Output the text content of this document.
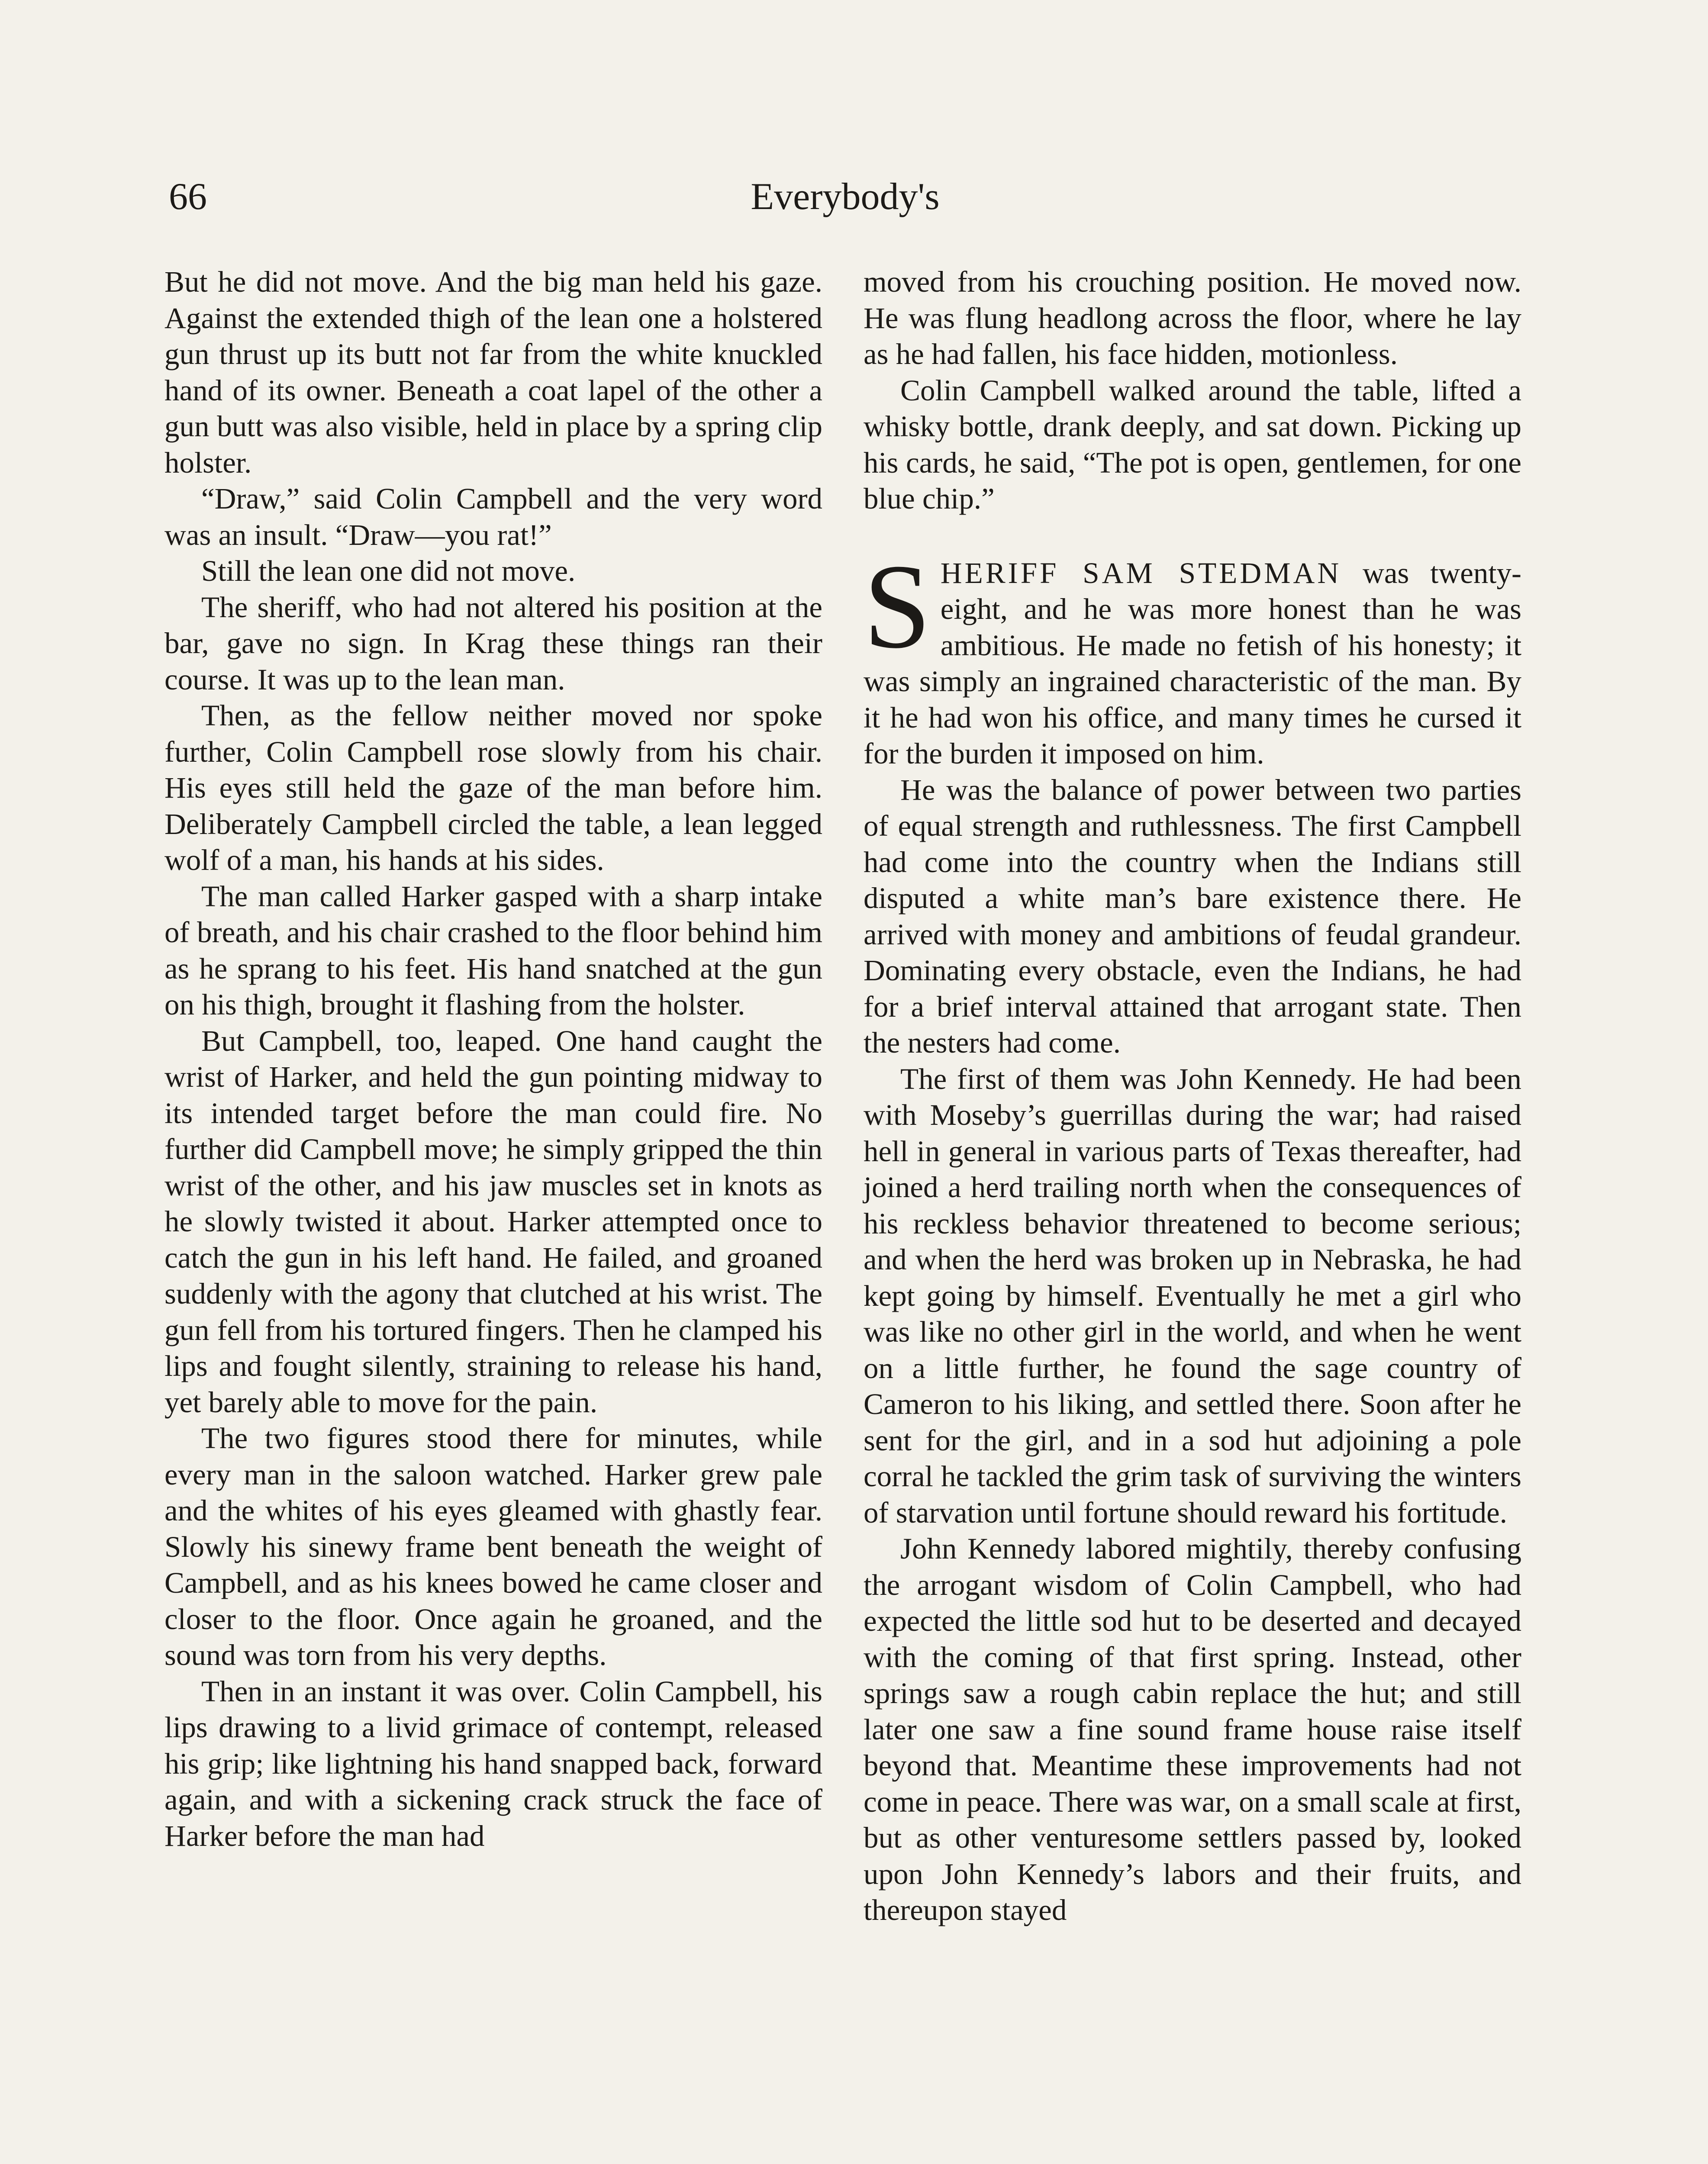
66	Everybody's

But he did not move. And the big man held his gaze. Against the extended thigh of the lean one a holstered gun thrust up its butt not far from the white knuckled hand of its owner. Beneath a coat lapel of the other a gun butt was also visible, held in place by a spring clip holster.

“Draw,” said Colin Campbell and the very word was an insult. “Draw—you rat!”

Still the lean one did not move.

The sheriff, who had not altered his position at the bar, gave no sign. In Krag these things ran their course. It was up to the lean man.

Then, as the fellow neither moved nor spoke further, Colin Campbell rose slowly from his chair. His eyes still held the gaze of the man before him. Deliberately Campbell circled the table, a lean legged wolf of a man, his hands at his sides.

The man called Harker gasped with a sharp intake of breath, and his chair crashed to the floor behind him as he sprang to his feet. His hand snatched at the gun on his thigh, brought it flashing from the holster.

But Campbell, too, leaped. One hand caught the wrist of Harker, and held the gun pointing midway to its intended target before the man could fire. No further did Campbell move; he simply gripped the thin wrist of the other, and his jaw muscles set in knots as he slowly twisted it about. Harker attempted once to catch the gun in his left hand. He failed, and groaned suddenly with the agony that clutched at his wrist. The gun fell from his tortured fingers. Then he clamped his lips and fought silently, straining to release his hand, yet barely able to move for the pain.

The two figures stood there for minutes, while every man in the saloon watched. Harker grew pale and the whites of his eyes gleamed with ghastly fear. Slowly his sinewy frame bent beneath the weight of Campbell, and as his knees bowed he came closer and closer to the floor. Once again he groaned, and the sound was torn from his very depths.

Then in an instant it was over. Colin Campbell, his lips drawing to a livid grimace of contempt, released his grip; like lightning his hand snapped back, forward again, and with a sickening crack struck the face of Harker before the man had

moved from his crouching position. He moved now. He was flung headlong across the floor, where he lay as he had fallen, his face hidden, motionless.

Colin Campbell walked around the table, lifted a whisky bottle, drank deeply, and sat down. Picking up his cards, he said, “The pot is open, gentlemen, for one blue chip.”

SHERIFF SAM STEDMAN was twenty-eight, and he was more honest than he was ambitious. He made no fetish of his honesty; it was simply an ingrained characteristic of the man. By it he had won his office, and many times he cursed it for the burden it imposed on him.

He was the balance of power between two parties of equal strength and ruthlessness. The first Campbell had come into the country when the Indians still disputed a white man’s bare existence there. He arrived with money and ambitions of feudal grandeur. Dominating every obstacle, even the Indians, he had for a brief interval attained that arrogant state. Then the nesters had come.

The first of them was John Kennedy. He had been with Moseby’s guerrillas during the war; had raised hell in general in various parts of Texas thereafter, had joined a herd trailing north when the consequences of his reckless behavior threatened to become serious; and when the herd was broken up in Nebraska, he had kept going by himself. Eventually he met a girl who was like no other girl in the world, and when he went on a little further, he found the sage country of Cameron to his liking, and settled there. Soon after he sent for the girl, and in a sod hut adjoining a pole corral he tackled the grim task of surviving the winters of starvation until fortune should reward his fortitude.

John Kennedy labored mightily, thereby confusing the arrogant wisdom of Colin Campbell, who had expected the little sod hut to be deserted and decayed with the coming of that first spring. Instead, other springs saw a rough cabin replace the hut; and still later one saw a fine sound frame house raise itself beyond that. Meantime these improvements had not come in peace. There was war, on a small scale at first, but as other venturesome settlers passed by, looked upon John Kennedy’s labors and their fruits, and thereupon stayed
